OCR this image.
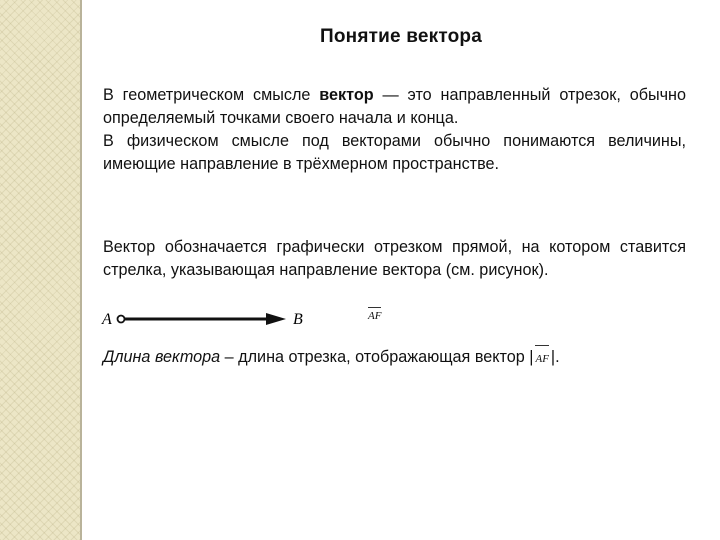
Понятие вектора

В геометрическом смысле вектор — это направленный отрезок, обычно определяемый точками своего начала и конца.
В физическом смысле под векторами обычно понимаются величины, имеющие направление в трёхмерном пространстве.

Вектор обозначается графически отрезком прямой, на котором ставится стрелка, указывающая направление вектора (см. рисунок).

A	B	AF

Длина вектора – длина отрезка, отображающая вектор | AF |.
